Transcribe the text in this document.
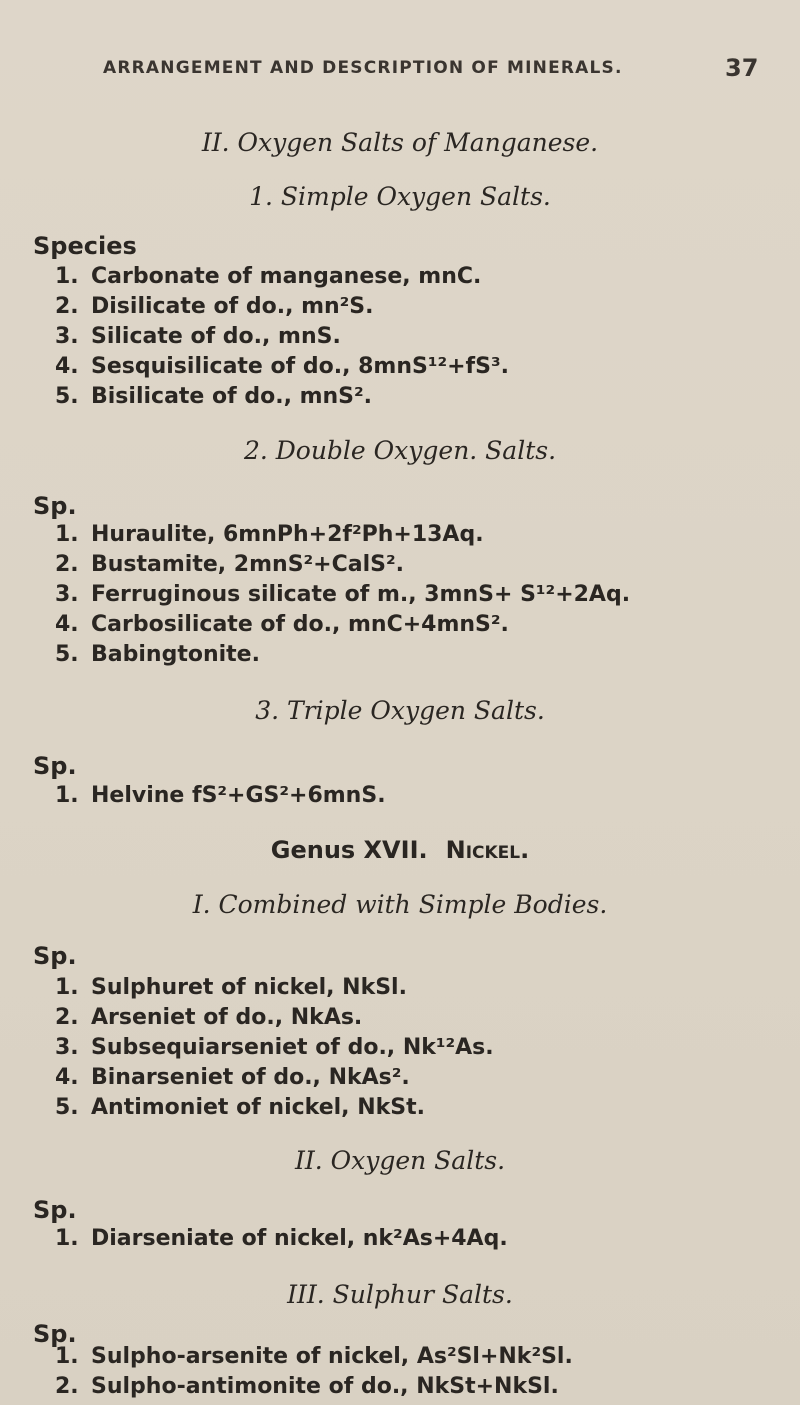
ARRANGEMENT AND DESCRIPTION OF MINERALS.	37
II. Oxygen Salts of Manganese.
1. Simple Oxygen Salts.
Species
1. Carbonate of manganese, mnC.
2. Disilicate of do., mn²S.
3. Silicate of do., mnS.
4. Sesquisilicate of do., 8mnS¹²+fS³.
5. Bisilicate of do., mnS².
2. Double Oxygen. Salts.
Sp.
1. Huraulite, 6mnPh+2f²Ph+13Aq.
2. Bustamite, 2mnS²+CalS².
3. Ferruginous silicate of m., 3mnS+ S¹²+2Aq.
4. Carbosilicate of do., mnC+4mnS².
5. Babingtonite.
3. Triple Oxygen Salts.
Sp.
1. Helvine fS²+GS²+6mnS.
Genus XVII. Nickel.
I. Combined with Simple Bodies.
Sp.
1. Sulphuret of nickel, NkSl.
2. Arseniet of do., NkAs.
3. Subsequiarseniet of do., Nk¹²As.
4. Binarseniet of do., NkAs².
5. Antimoniet of nickel, NkSt.
II. Oxygen Salts.
Sp.
1. Diarseniate of nickel, nk²As+4Aq.
III. Sulphur Salts.
Sp.
1. Sulpho-arsenite of nickel, As²Sl+Nk²Sl.
2. Sulpho-antimonite of do., NkSt+NkSl.
